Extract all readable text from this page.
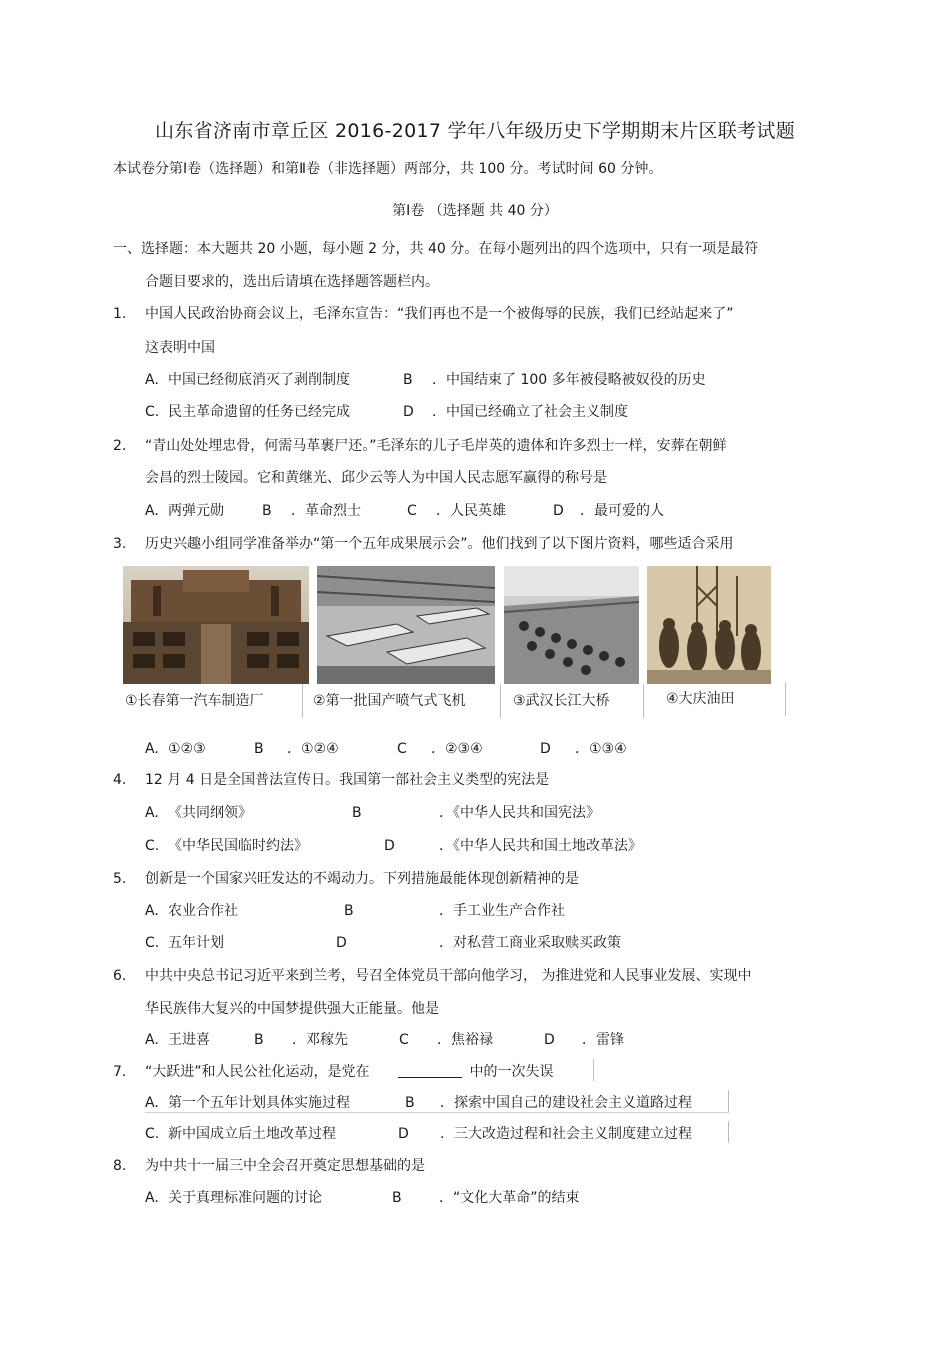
山东省济南市章丘区 2016-2017 学年八年级历史下学期期末片区联考试题
本试卷分第Ⅰ卷（选择题）和第Ⅱ卷（非选择题）两部分，共 100 分。考试时间 60 分钟。
第Ⅰ卷 （选择题 共 40 分）
一、选择题：本大题共 20 小题，每小题 2 分，共 40 分。在每小题列出的四个选项中，只有一项是最符
合题目要求的，选出后请填在选择题答题栏内。
1. 中国人民政治协商会议上，毛泽东宣告：“我们再也不是一个被侮辱的民族，我们已经站起来了”
这表明中国
A. 中国已经彻底消灭了剥削制度	B ．中国结束了 100 多年被侵略被奴役的历史
C. 民主革命遗留的任务已经完成	D ．中国已经确立了社会主义制度
2. “青山处处埋忠骨，何需马革裹尸还。”毛泽东的儿子毛岸英的遗体和许多烈士一样，安葬在朝鲜
会昌的烈士陵园。它和黄继光、邱少云等人为中国人民志愿军赢得的称号是
A. 两弹元勋	B ．革命烈士	C ．人民英雄	D ．最可爱的人
3. 历史兴趣小组同学准备举办“第一个五年成果展示会”。他们找到了以下图片资料，哪些适合采用
①长春第一汽车制造厂	②第一批国产喷气式飞机	③武汉长江大桥	④大庆油田
A. ①②③	B ．①②④	C ．②③④	D ．①③④
4. 12 月 4 日是全国普法宣传日。我国第一部社会主义类型的宪法是
A. 《共同纲领》	B	．《中华人民共和国宪法》
C. 《中华民国临时约法》	D	．《中华人民共和国土地改革法》
5. 创新是一个国家兴旺发达的不竭动力。下列措施最能体现创新精神的是
A. 农业合作社	B	．手工业生产合作社
C. 五年计划	D	．对私营工商业采取赎买政策
6. 中共中央总书记习近平来到兰考，号召全体党员干部向他学习， 为推进党和人民事业发展、实现中
华民族伟大复兴的中国梦提供强大正能量。他是
A. 王进喜	B ．邓稼先	C ．焦裕禄	D ．雷锋
7. “大跃进”和人民公社化运动，是党在	中的一次失误
A. 第一个五年计划具体实施过程	B ．探索中国自己的建设社会主义道路过程
C. 新中国成立后土地改革过程	D ．三大改造过程和社会主义制度建立过程
8. 为中共十一届三中全会召开奠定思想基础的是
A. 关于真理标准问题的讨论	B	．“文化大革命”的结束
